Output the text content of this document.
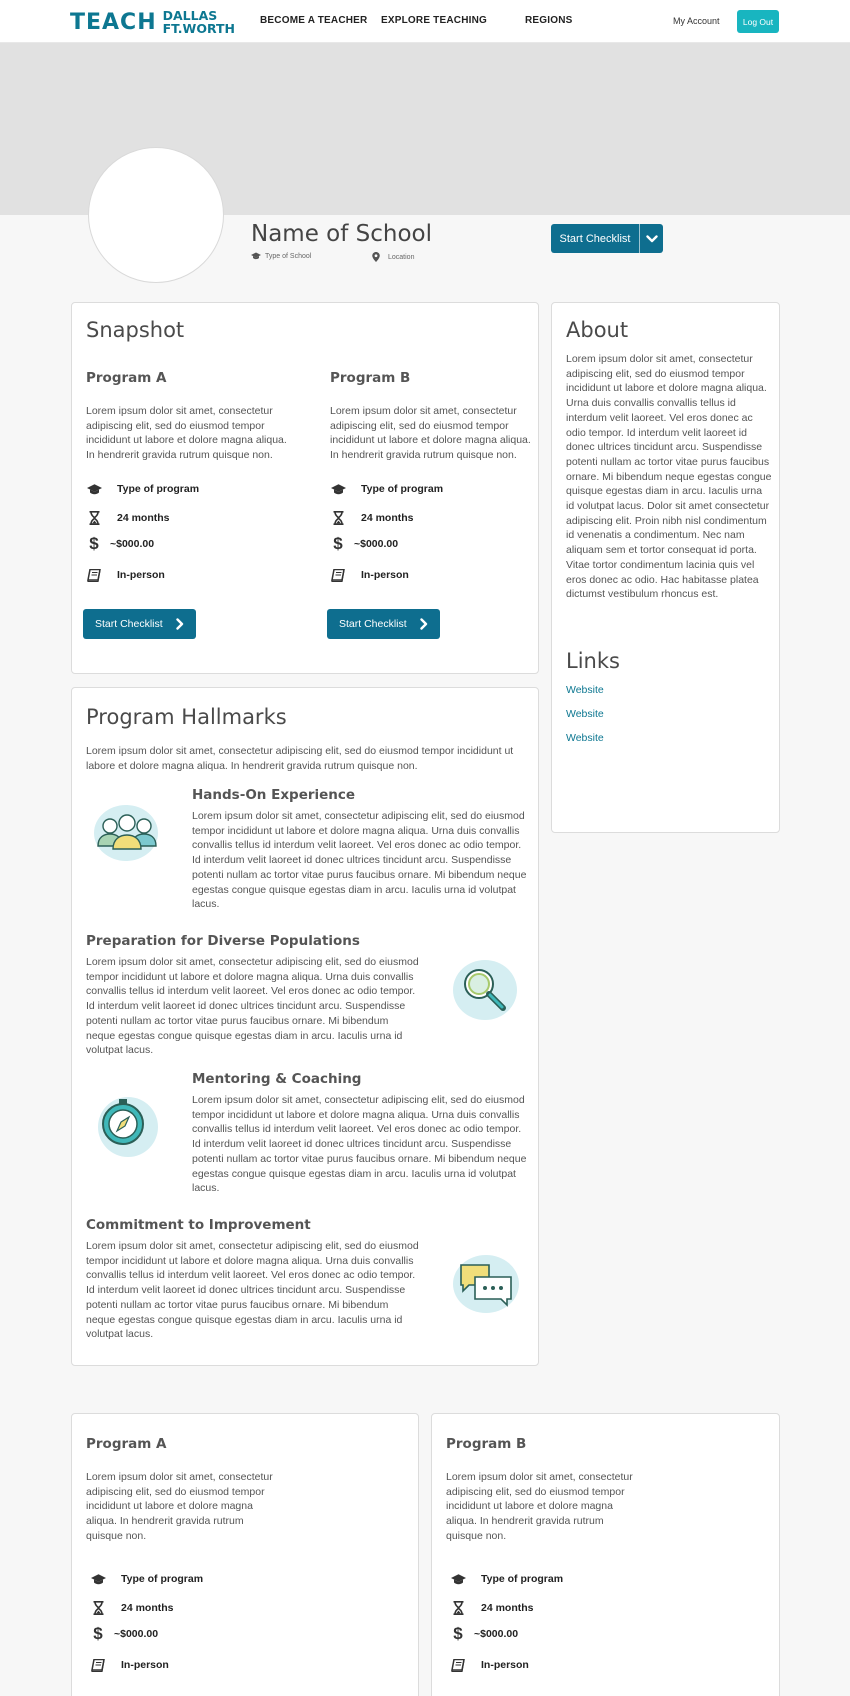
TEACH DALLAS
FT.WORTH
BECOME A TEACHER EXPLORE TEACHING	REGIONS	My Account	Log Out
Name of School
Type of School	Location
Start Checklist
Snapshot
Program A
Lorem ipsum dolor sit amet, consectetur adipiscing elit, sed do eiusmod tempor incididunt ut labore et dolore magna aliqua. In hendrerit gravida rutrum quisque non.
Type of program
24 months
$	~$000.00
In-person
Start Checklist
Program B
Lorem ipsum dolor sit amet, consectetur adipiscing elit, sed do eiusmod tempor incididunt ut labore et dolore magna aliqua. In hendrerit gravida rutrum quisque non.
Type of program
24 months
$	~$000.00
In-person
Start Checklist
About
Lorem ipsum dolor sit amet, consectetur adipiscing elit, sed do eiusmod tempor incididunt ut labore et dolore magna aliqua. Urna duis convallis convallis tellus id interdum velit laoreet. Vel eros donec ac odio tempor. Id interdum velit laoreet id donec ultrices tincidunt arcu. Suspendisse potenti nullam ac tortor vitae purus faucibus ornare. Mi bibendum neque egestas congue quisque egestas diam in arcu. Iaculis urna id volutpat lacus. Dolor sit amet consectetur adipiscing elit. Proin nibh nisl condimentum id venenatis a condimentum. Nec nam aliquam sem et tortor consequat id porta. Vitae tortor condimentum lacinia quis vel eros donec ac odio. Hac habitasse platea dictumst vestibulum rhoncus est.
Links
Website
Website
Website
Program Hallmarks
Lorem ipsum dolor sit amet, consectetur adipiscing elit, sed do eiusmod tempor incididunt ut labore et dolore magna aliqua. In hendrerit gravida rutrum quisque non.
Hands-On Experience
Lorem ipsum dolor sit amet, consectetur adipiscing elit, sed do eiusmod tempor incididunt ut labore et dolore magna aliqua. Urna duis convallis convallis tellus id interdum velit laoreet. Vel eros donec ac odio tempor. Id interdum velit laoreet id donec ultrices tincidunt arcu. Suspendisse potenti nullam ac tortor vitae purus faucibus ornare. Mi bibendum neque egestas congue quisque egestas diam in arcu. Iaculis urna id volutpat lacus.
Preparation for Diverse Populations
Lorem ipsum dolor sit amet, consectetur adipiscing elit, sed do eiusmod tempor incididunt ut labore et dolore magna aliqua. Urna duis convallis convallis tellus id interdum velit laoreet. Vel eros donec ac odio tempor. Id interdum velit laoreet id donec ultrices tincidunt arcu. Suspendisse potenti nullam ac tortor vitae purus faucibus ornare. Mi bibendum neque egestas congue quisque egestas diam in arcu. Iaculis urna id volutpat lacus.
Mentoring & Coaching
Lorem ipsum dolor sit amet, consectetur adipiscing elit, sed do eiusmod tempor incididunt ut labore et dolore magna aliqua. Urna duis convallis convallis tellus id interdum velit laoreet. Vel eros donec ac odio tempor. Id interdum velit laoreet id donec ultrices tincidunt arcu. Suspendisse potenti nullam ac tortor vitae purus faucibus ornare. Mi bibendum neque egestas congue quisque egestas diam in arcu. Iaculis urna id volutpat lacus.
Commitment to Improvement
Lorem ipsum dolor sit amet, consectetur adipiscing elit, sed do eiusmod tempor incididunt ut labore et dolore magna aliqua. Urna duis convallis convallis tellus id interdum velit laoreet. Vel eros donec ac odio tempor. Id interdum velit laoreet id donec ultrices tincidunt arcu. Suspendisse potenti nullam ac tortor vitae purus faucibus ornare. Mi bibendum neque egestas congue quisque egestas diam in arcu. Iaculis urna id volutpat lacus.
Program A
Lorem ipsum dolor sit amet, consectetur adipiscing elit, sed do eiusmod tempor incididunt ut labore et dolore magna aliqua. In hendrerit gravida rutrum quisque non.
Type of program
24 months
$	~$000.00
In-person
Program B
Lorem ipsum dolor sit amet, consectetur adipiscing elit, sed do eiusmod tempor incididunt ut labore et dolore magna aliqua. In hendrerit gravida rutrum quisque non.
Type of program
24 months
$	~$000.00
In-person
